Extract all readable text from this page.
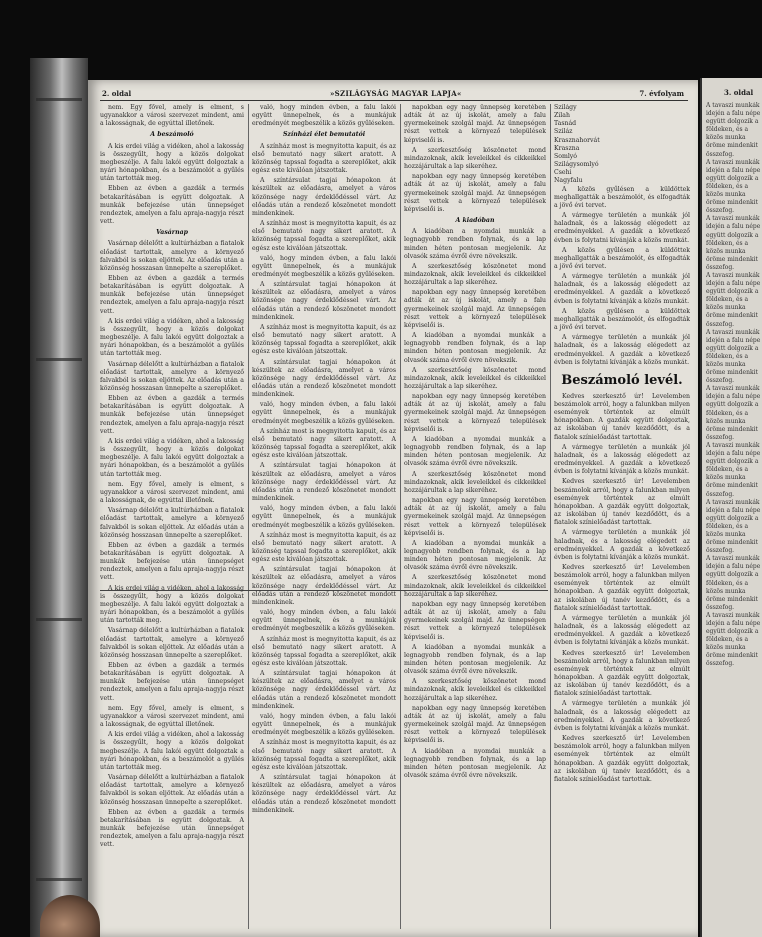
2. oldal	»SZILÁGYSÁG MAGYAR LAPJA«	7. évfolyam

nem. Egy fővel, amely is elment, s ugyanakkor a városi szervezet mindent, ami a lakosságnak, de egyúttal illetőnek.

A beszámoló

A kis erdei világ a vidéken, ahol a lakosság is összegyűlt, hogy a közös dolgokat megbeszélje. A falu lakói együtt dolgoztak a nyári hónapokban, és a beszámolót a gyűlés után tartották meg.

Ebben az évben a gazdák a termés betakarításában is együtt dolgoztak. A munkák befejezése után ünnepséget rendeztek, amelyen a falu apraja-nagyja részt vett.

Vasárnap

Vasárnap délelőtt a kultúrházban a fiatalok előadást tartottak, amelyre a környező falvakból is sokan eljöttek. Az előadás után a közönség hosszasan ünnepelte a szereplőket.

Ebben az évben a gazdák a termés betakarításában is együtt dolgoztak. A munkák befejezése után ünnepséget rendeztek, amelyen a falu apraja-nagyja részt vett.

A kis erdei világ a vidéken, ahol a lakosság is összegyűlt, hogy a közös dolgokat megbeszélje. A falu lakói együtt dolgoztak a nyári hónapokban, és a beszámolót a gyűlés után tartották meg.

Vasárnap délelőtt a kultúrházban a fiatalok előadást tartottak, amelyre a környező falvakból is sokan eljöttek. Az előadás után a közönség hosszasan ünnepelte a szereplőket.

Ebben az évben a gazdák a termés betakarításában is együtt dolgoztak. A munkák befejezése után ünnepséget rendeztek, amelyen a falu apraja-nagyja részt vett.

A kis erdei világ a vidéken, ahol a lakosság is összegyűlt, hogy a közös dolgokat megbeszélje. A falu lakói együtt dolgoztak a nyári hónapokban, és a beszámolót a gyűlés után tartották meg.

nem. Egy fővel, amely is elment, s ugyanakkor a városi szervezet mindent, ami a lakosságnak, de egyúttal illetőnek.

Vasárnap délelőtt a kultúrházban a fiatalok előadást tartottak, amelyre a környező falvakból is sokan eljöttek. Az előadás után a közönség hosszasan ünnepelte a szereplőket.

Ebben az évben a gazdák a termés betakarításában is együtt dolgoztak. A munkák befejezése után ünnepséget rendeztek, amelyen a falu apraja-nagyja részt vett.

A kis erdei világ a vidéken, ahol a lakosság is összegyűlt, hogy a közös dolgokat megbeszélje. A falu lakói együtt dolgoztak a nyári hónapokban, és a beszámolót a gyűlés után tartották meg.

Vasárnap délelőtt a kultúrházban a fiatalok előadást tartottak, amelyre a környező falvakból is sokan eljöttek. Az előadás után a közönség hosszasan ünnepelte a szereplőket.

Ebben az évben a gazdák a termés betakarításában is együtt dolgoztak. A munkák befejezése után ünnepséget rendeztek, amelyen a falu apraja-nagyja részt vett.

nem. Egy fővel, amely is elment, s ugyanakkor a városi szervezet mindent, ami a lakosságnak, de egyúttal illetőnek.

A kis erdei világ a vidéken, ahol a lakosság is összegyűlt, hogy a közös dolgokat megbeszélje. A falu lakói együtt dolgoztak a nyári hónapokban, és a beszámolót a gyűlés után tartották meg.

Vasárnap délelőtt a kultúrházban a fiatalok előadást tartottak, amelyre a környező falvakból is sokan eljöttek. Az előadás után a közönség hosszasan ünnepelte a szereplőket.

Ebben az évben a gazdák a termés betakarításában is együtt dolgoztak. A munkák befejezése után ünnepséget rendeztek, amelyen a falu apraja-nagyja részt vett.

való, hogy minden évben, a falu lakói együtt ünnepelnek, és a munkájuk eredményét megbeszélik a közös gyűléseken.

Színházi élet bemutatói

A színház most is megnyitotta kapuit, és az első bemutató nagy sikert aratott. A közönség tapssal fogadta a szereplőket, akik egész este kiválóan játszottak.

A színtársulat tagjai hónapokon át készültek az előadásra, amelyet a város közönsége nagy érdeklődéssel várt. Az előadás után a rendező köszönetet mondott mindenkinek.

A színház most is megnyitotta kapuit, és az első bemutató nagy sikert aratott. A közönség tapssal fogadta a szereplőket, akik egész este kiválóan játszottak.

való, hogy minden évben, a falu lakói együtt ünnepelnek, és a munkájuk eredményét megbeszélik a közös gyűléseken.

A színtársulat tagjai hónapokon át készültek az előadásra, amelyet a város közönsége nagy érdeklődéssel várt. Az előadás után a rendező köszönetet mondott mindenkinek.

A színház most is megnyitotta kapuit, és az első bemutató nagy sikert aratott. A közönség tapssal fogadta a szereplőket, akik egész este kiválóan játszottak.

A színtársulat tagjai hónapokon át készültek az előadásra, amelyet a város közönsége nagy érdeklődéssel várt. Az előadás után a rendező köszönetet mondott mindenkinek.

való, hogy minden évben, a falu lakói együtt ünnepelnek, és a munkájuk eredményét megbeszélik a közös gyűléseken.

A színház most is megnyitotta kapuit, és az első bemutató nagy sikert aratott. A közönség tapssal fogadta a szereplőket, akik egész este kiválóan játszottak.

A színtársulat tagjai hónapokon át készültek az előadásra, amelyet a város közönsége nagy érdeklődéssel várt. Az előadás után a rendező köszönetet mondott mindenkinek.

való, hogy minden évben, a falu lakói együtt ünnepelnek, és a munkájuk eredményét megbeszélik a közös gyűléseken.

A színház most is megnyitotta kapuit, és az első bemutató nagy sikert aratott. A közönség tapssal fogadta a szereplőket, akik egész este kiválóan játszottak.

A színtársulat tagjai hónapokon át készültek az előadásra, amelyet a város közönsége nagy érdeklődéssel várt. Az előadás után a rendező köszönetet mondott mindenkinek.

való, hogy minden évben, a falu lakói együtt ünnepelnek, és a munkájuk eredményét megbeszélik a közös gyűléseken.

A színház most is megnyitotta kapuit, és az első bemutató nagy sikert aratott. A közönség tapssal fogadta a szereplőket, akik egész este kiválóan játszottak.

A színtársulat tagjai hónapokon át készültek az előadásra, amelyet a város közönsége nagy érdeklődéssel várt. Az előadás után a rendező köszönetet mondott mindenkinek.

való, hogy minden évben, a falu lakói együtt ünnepelnek, és a munkájuk eredményét megbeszélik a közös gyűléseken.

A színház most is megnyitotta kapuit, és az első bemutató nagy sikert aratott. A közönség tapssal fogadta a szereplőket, akik egész este kiválóan játszottak.

A színtársulat tagjai hónapokon át készültek az előadásra, amelyet a város közönsége nagy érdeklődéssel várt. Az előadás után a rendező köszönetet mondott mindenkinek.

napokban egy nagy ünnepség keretében adták át az új iskolát, amely a falu gyermekeinek szolgál majd. Az ünnepségen részt vettek a környező települések képviselői is.

A szerkesztőség köszönetet mond mindazoknak, akik leveleikkel és cikkeikkel hozzájárultak a lap sikeréhez.

napokban egy nagy ünnepség keretében adták át az új iskolát, amely a falu gyermekeinek szolgál majd. Az ünnepségen részt vettek a környező települések képviselői is.

A kiadóban

A kiadóban a nyomdai munkák a legnagyobb rendben folynak, és a lap minden héten pontosan megjelenik. Az olvasók száma évről évre növekszik.

A szerkesztőség köszönetet mond mindazoknak, akik leveleikkel és cikkeikkel hozzájárultak a lap sikeréhez.

napokban egy nagy ünnepség keretében adták át az új iskolát, amely a falu gyermekeinek szolgál majd. Az ünnepségen részt vettek a környező települések képviselői is.

A kiadóban a nyomdai munkák a legnagyobb rendben folynak, és a lap minden héten pontosan megjelenik. Az olvasók száma évről évre növekszik.

A szerkesztőség köszönetet mond mindazoknak, akik leveleikkel és cikkeikkel hozzájárultak a lap sikeréhez.

napokban egy nagy ünnepség keretében adták át az új iskolát, amely a falu gyermekeinek szolgál majd. Az ünnepségen részt vettek a környező települések képviselői is.

A kiadóban a nyomdai munkák a legnagyobb rendben folynak, és a lap minden héten pontosan megjelenik. Az olvasók száma évről évre növekszik.

A szerkesztőség köszönetet mond mindazoknak, akik leveleikkel és cikkeikkel hozzájárultak a lap sikeréhez.

napokban egy nagy ünnepség keretében adták át az új iskolát, amely a falu gyermekeinek szolgál majd. Az ünnepségen részt vettek a környező települések képviselői is.

A kiadóban a nyomdai munkák a legnagyobb rendben folynak, és a lap minden héten pontosan megjelenik. Az olvasók száma évről évre növekszik.

A szerkesztőség köszönetet mond mindazoknak, akik leveleikkel és cikkeikkel hozzájárultak a lap sikeréhez.

napokban egy nagy ünnepség keretében adták át az új iskolát, amely a falu gyermekeinek szolgál majd. Az ünnepségen részt vettek a környező települések képviselői is.

A kiadóban a nyomdai munkák a legnagyobb rendben folynak, és a lap minden héten pontosan megjelenik. Az olvasók száma évről évre növekszik.

A szerkesztőség köszönetet mond mindazoknak, akik leveleikkel és cikkeikkel hozzájárultak a lap sikeréhez.

napokban egy nagy ünnepség keretében adták át az új iskolát, amely a falu gyermekeinek szolgál majd. Az ünnepségen részt vettek a környező települések képviselői is.

A kiadóban a nyomdai munkák a legnagyobb rendben folynak, és a lap minden héten pontosan megjelenik. Az olvasók száma évről évre növekszik.

Szilágy
Zilah
Tasnád
Sziláz
Krasznahorvát
Kraszna
Somlyó
Szilágysomlyó
Csehi
Nagyfalu

A közös gyűlésen a küldöttek meghallgatták a beszámolót, és elfogadták a jövő évi tervet.

A vármegye területén a munkák jól haladnak, és a lakosság elégedett az eredményekkel. A gazdák a következő évben is folytatni kívánják a közös munkát.

A közös gyűlésen a küldöttek meghallgatták a beszámolót, és elfogadták a jövő évi tervet.

A vármegye területén a munkák jól haladnak, és a lakosság elégedett az eredményekkel. A gazdák a következő évben is folytatni kívánják a közös munkát.

A közös gyűlésen a küldöttek meghallgatták a beszámolót, és elfogadták a jövő évi tervet.

A vármegye területén a munkák jól haladnak, és a lakosság elégedett az eredményekkel. A gazdák a következő évben is folytatni kívánják a közös munkát.

Beszámoló levél.

Kedves szerkesztő úr! Levelemben beszámolok arról, hogy a falunkban milyen események történtek az elmúlt hónapokban. A gazdák együtt dolgoztak, az iskolában új tanév kezdődött, és a fiatalok színielőadást tartottak.

A vármegye területén a munkák jól haladnak, és a lakosság elégedett az eredményekkel. A gazdák a következő évben is folytatni kívánják a közös munkát.

Kedves szerkesztő úr! Levelemben beszámolok arról, hogy a falunkban milyen események történtek az elmúlt hónapokban. A gazdák együtt dolgoztak, az iskolában új tanév kezdődött, és a fiatalok színielőadást tartottak.

A vármegye területén a munkák jól haladnak, és a lakosság elégedett az eredményekkel. A gazdák a következő évben is folytatni kívánják a közös munkát.

Kedves szerkesztő úr! Levelemben beszámolok arról, hogy a falunkban milyen események történtek az elmúlt hónapokban. A gazdák együtt dolgoztak, az iskolában új tanév kezdődött, és a fiatalok színielőadást tartottak.

A vármegye területén a munkák jól haladnak, és a lakosság elégedett az eredményekkel. A gazdák a következő évben is folytatni kívánják a közös munkát.

Kedves szerkesztő úr! Levelemben beszámolok arról, hogy a falunkban milyen események történtek az elmúlt hónapokban. A gazdák együtt dolgoztak, az iskolában új tanév kezdődött, és a fiatalok színielőadást tartottak.

A vármegye területén a munkák jól haladnak, és a lakosság elégedett az eredményekkel. A gazdák a következő évben is folytatni kívánják a közös munkát.

Kedves szerkesztő úr! Levelemben beszámolok arról, hogy a falunkban milyen események történtek az elmúlt hónapokban. A gazdák együtt dolgoztak, az iskolában új tanév kezdődött, és a fiatalok színielőadást tartottak.

3. oldal
A tavaszi munkák idején a falu népe együtt dolgozik a földeken, és a közös munka öröme mindenkit összefog.
A tavaszi munkák idején a falu népe együtt dolgozik a földeken, és a közös munka öröme mindenkit összefog.
A tavaszi munkák idején a falu népe együtt dolgozik a földeken, és a közös munka öröme mindenkit összefog.
A tavaszi munkák idején a falu népe együtt dolgozik a földeken, és a közös munka öröme mindenkit összefog.
A tavaszi munkák idején a falu népe együtt dolgozik a földeken, és a közös munka öröme mindenkit összefog.
A tavaszi munkák idején a falu népe együtt dolgozik a földeken, és a közös munka öröme mindenkit összefog.
A tavaszi munkák idején a falu népe együtt dolgozik a földeken, és a közös munka öröme mindenkit összefog.
A tavaszi munkák idején a falu népe együtt dolgozik a földeken, és a közös munka öröme mindenkit összefog.
A tavaszi munkák idején a falu népe együtt dolgozik a földeken, és a közös munka öröme mindenkit összefog.
A tavaszi munkák idején a falu népe együtt dolgozik a földeken, és a közös munka öröme mindenkit összefog.
